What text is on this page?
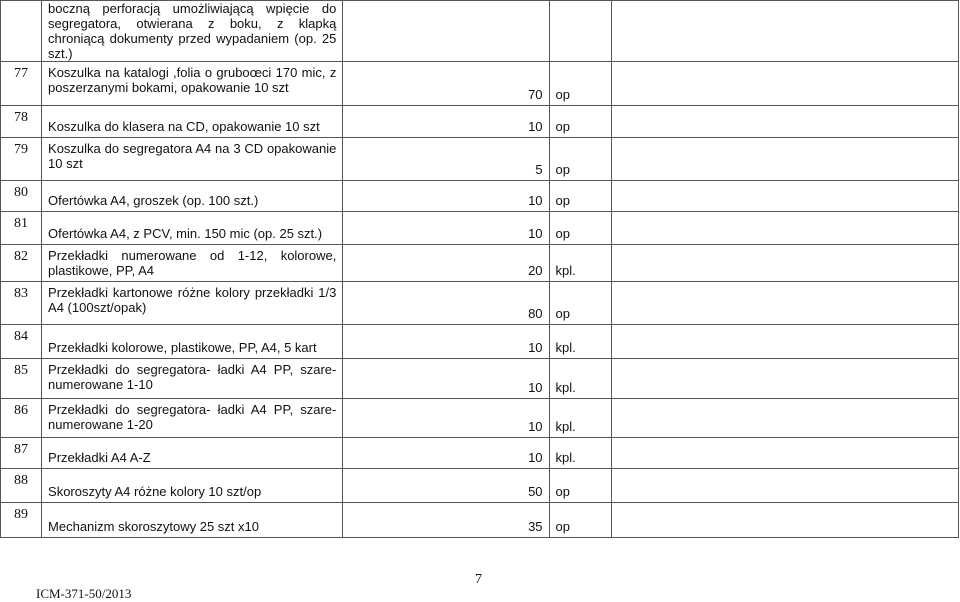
	boczną perforacją umożliwiającą wpięcie do segregatora, otwierana z boku, z klapką chroniącą dokumenty przed wypadaniem (op. 25 szt.)			
77	Koszulka na katalogi ,folia o gruboœci 170 mic, z poszerzanymi bokami, opakowanie 10 szt	70	op	
78	Koszulka do klasera na CD, opakowanie 10 szt	10	op	
79	Koszulka do segregatora A4 na 3 CD opakowanie 10 szt	5	op	
80	Ofertówka A4, groszek (op. 100 szt.)	10	op	
81	Ofertówka A4, z PCV, min. 150 mic (op. 25 szt.)	10	op	
82	Przekładki numerowane od 1-12, kolorowe, plastikowe, PP, A4	20	kpl.	
83	Przekładki kartonowe różne kolory przekładki 1/3 A4 (100szt/opak)	80	op	
84	Przekładki kolorowe, plastikowe, PP, A4, 5 kart	10	kpl.	
85	Przekładki do segregatora- ładki A4 PP, szare- numerowane 1-10	10	kpl.	
86	Przekładki do segregatora- ładki A4 PP, szare- numerowane 1-20	10	kpl.	
87	Przekładki A4 A-Z	10	kpl.	
88	Skoroszyty A4 różne kolory 10 szt/op	50	op	
89	Mechanizm skoroszytowy 25 szt x10	35	op	
7
ICM-371-50/2013
